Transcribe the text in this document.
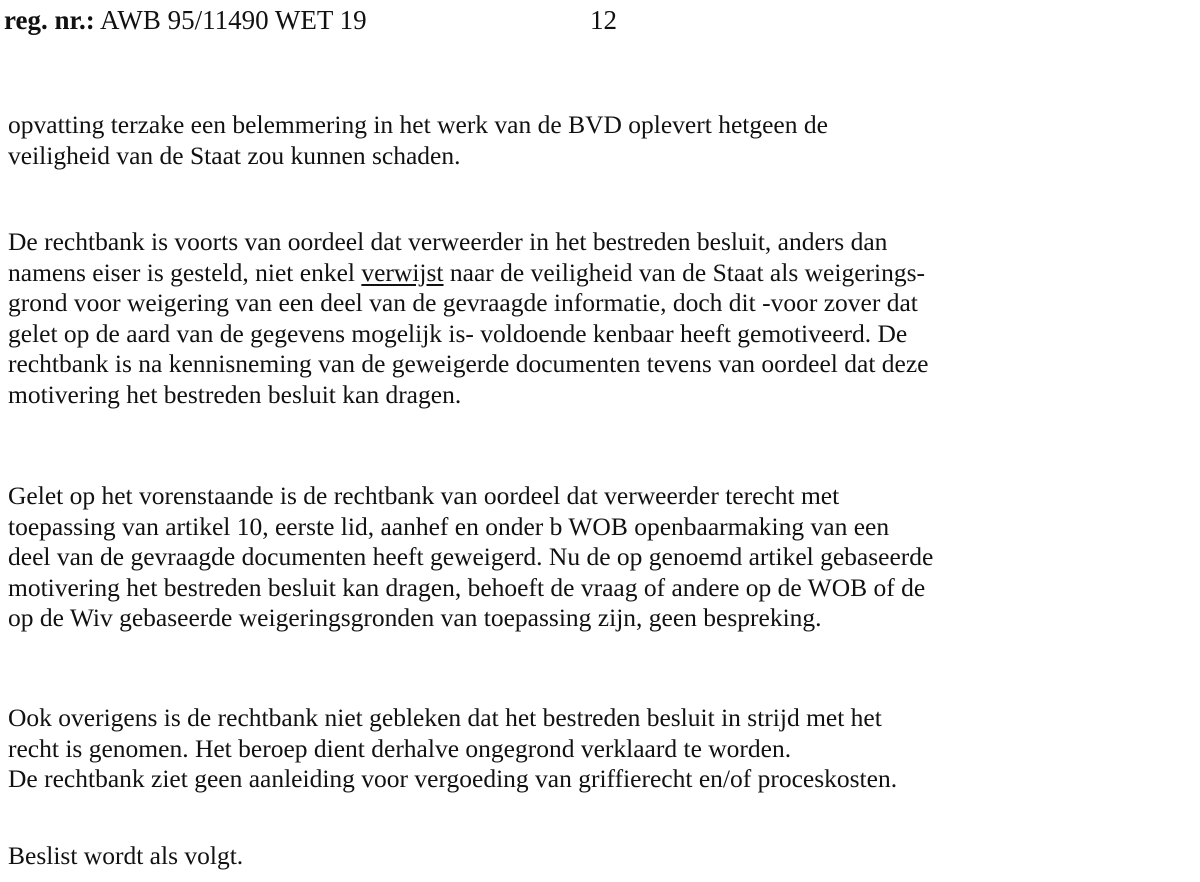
reg. nr.: AWB 95/11490 WET 19	12
opvatting terzake een belemmering in het werk van de BVD oplevert hetgeen de
veiligheid van de Staat zou kunnen schaden.
De rechtbank is voorts van oordeel dat verweerder in het bestreden besluit, anders dan
namens eiser is gesteld, niet enkel verwijst naar de veiligheid van de Staat als weigerings-
grond voor weigering van een deel van de gevraagde informatie, doch dit -voor zover dat
gelet op de aard van de gegevens mogelijk is- voldoende kenbaar heeft gemotiveerd. De
rechtbank is na kennisneming van de geweigerde documenten tevens van oordeel dat deze
motivering het bestreden besluit kan dragen.
Gelet op het vorenstaande is de rechtbank van oordeel dat verweerder terecht met
toepassing van artikel 10, eerste lid, aanhef en onder b WOB openbaarmaking van een
deel van de gevraagde documenten heeft geweigerd. Nu de op genoemd artikel gebaseerde
motivering het bestreden besluit kan dragen, behoeft de vraag of andere op de WOB of de
op de Wiv gebaseerde weigeringsgronden van toepassing zijn, geen bespreking.
Ook overigens is de rechtbank niet gebleken dat het bestreden besluit in strijd met het
recht is genomen. Het beroep dient derhalve ongegrond verklaard te worden.
De rechtbank ziet geen aanleiding voor vergoeding van griffierecht en/of proceskosten.
Beslist wordt als volgt.
